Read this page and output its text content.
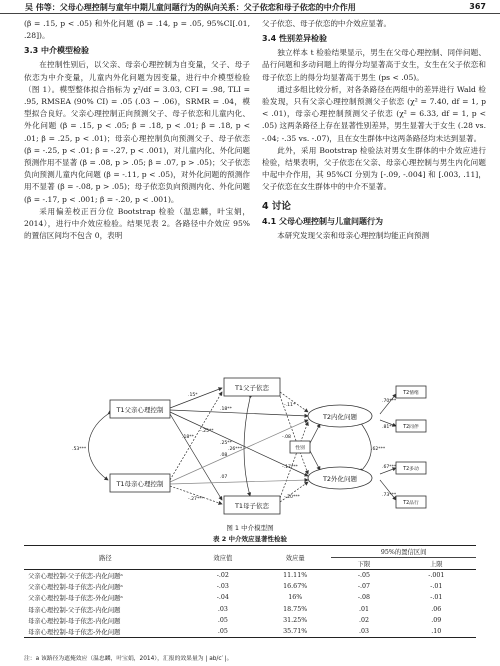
吴 伟等：父母心理控制与童年中期儿童问题行为的纵向关系：父子依恋和母子依恋的中介作用	367

(β = .15, p < .05) 和外化问题 (β = .14, p = .05, 95%CI[.01, .28])。

3.3 中介模型检验

在控制性别后，以父亲、母亲心理控制为自变量，父子、母子依恋为中介变量，儿童内外化问题为因变量，进行中介模型检验（图 1）。模型整体拟合指标为 χ²/df = 3.03, CFI = .98, TLI = .95, RMSEA (90% CI) = .05 (.03 ~ .06)，SRMR = .04，模型拟合良好。父亲心理控制正向预测父子、母子依恋和儿童内化、外化问题 (β = .15, p < .05; β = .18, p < .01; β = .18, p < .01; β = .25, p < .01)；母亲心理控制负向预测父子、母子依恋 (β = -.25, p < .01; β = -.27, p < .001)，对儿童内化、外化问题预测作用不显著 (β = .08, p > .05; β = .07, p > .05)；父子依恋负向预测儿童内化问题 (β = -.11, p < .05)，对外化问题的预测作用不显著 (β = -.08, p > .05)；母子依恋负向预测内化、外化问题 (β = -.17, p < .001; β = -.20, p < .001)。

采用偏差校正百分位 Bootstrap 检验（温忠麟，叶宝娟，2014），进行中介效应检验。结果见表 2。各路径中介效应 95% 的置信区间均不包含 0，表明

父子依恋、母子依恋的中介效应显著。

3.4 性别差异检验

独立样本 t 检验结果显示，男生在父母心理控制、同伴问题、品行问题和多动问题上的得分均显著高于女生，女生在父子依恋和母子依恋上的得分均显著高于男生 (ps < .05)。

通过多组比较分析，对各条路径在两组中的差异进行 Wald 检验发现，只有父亲心理控制预测父子依恋 (χ² = 7.40, df = 1, p < .01)，母亲心理控制预测父子依恋 (χ² = 6.33, df = 1, p < .05) 这两条路径上存在显著性别差异，男生显著大于女生 (.28 vs. -.04; -.35 vs. -.07)，且在女生群体中这两条路径均未达到显著。

此外，采用 Bootstrap 检验法对男女生群体的中介效应进行检验，结果表明，父子依恋在父亲、母亲心理控制与男生内化问题中起中介作用，其 95%CI 分别为 [-.09, -.004] 和 [.003, .11]，父子依恋在女生群体中的中介不显著。

4 讨论
4.1 父母心理控制与儿童问题行为

本研究发现父亲和母亲心理控制均能正向预测

T1父亲心理控制
T1母亲心理控制
T1父子依恋
T1母子依恋
T2内化问题
T2外化问题
性别
T2情绪
T2同伴
T2多动
T2品行
.53***
.15*
.18**
-.25**
-.27***
-.11*
-.08
-.17***
-.20***
.18**
.25**
.08
.07
.62***
.26***
.70***
.81***
.67***
.73***
图 1 中介模型图
表 2 中介效应显著性检验
路径	效应值	效应量	95%的置信区间	
			下限	上限
父亲心理控制-父子依恋-内化问题ᵃ	-.02	11.11%	-.05	-.001
父亲心理控制-母子依恋-内化问题ᵃ	-.03	16.67%	-.07	-.01
父亲心理控制-母子依恋-外化问题ᵃ	-.04	16%	-.08	-.01
母亲心理控制-父子依恋-内化问题	.03	18.75%	.01	.06
母亲心理控制-母子依恋-内化问题	.05	31.25%	.02	.09
母亲心理控制-母子依恋-外化问题	.05	35.71%	.03	.10
注：a 该路径为遮掩效应（温忠麟，叶宝娟，2014），汇报的效果量为 | ab/c′ |。
